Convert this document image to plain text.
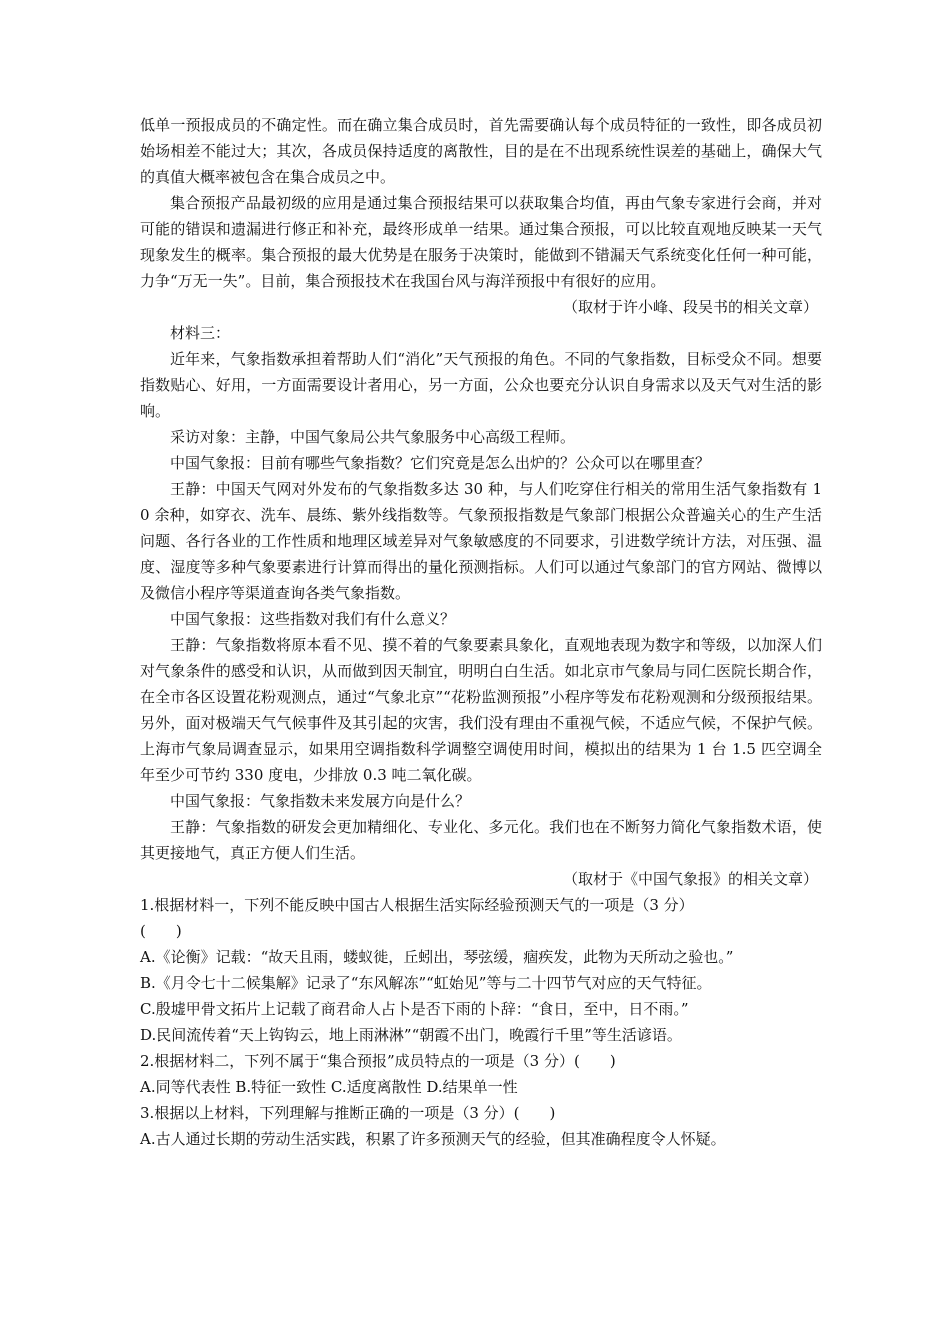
低单一预报成员的不确定性。而在确立集合成员时，首先需要确认每个成员特征的一致性，即各成员初始场相差不能过大；其次，各成员保持适度的离散性，目的是在不出现系统性误差的基础上，确保大气的真值大概率被包含在集合成员之中。

集合预报产品最初级的应用是通过集合预报结果可以获取集合均值，再由气象专家进行会商，并对可能的错误和遗漏进行修正和补充，最终形成单一结果。通过集合预报，可以比较直观地反映某一天气现象发生的概率。集合预报的最大优势是在服务于决策时，能做到不错漏天气系统变化任何一种可能，力争“万无一失”。目前，集合预报技术在我国台风与海洋预报中有很好的应用。

（取材于许小峰、段吴书的相关文章）

材料三：

近年来，气象指数承担着帮助人们“消化”天气预报的角色。不同的气象指数，目标受众不同。想要指数贴心、好用，一方面需要设计者用心，另一方面，公众也要充分认识自身需求以及天气对生活的影响。

采访对象：主静，中国气象局公共气象服务中心高级工程师。

中国气象报：目前有哪些气象指数？它们究竟是怎么出炉的？公众可以在哪里查？

王静：中国天气网对外发布的气象指数多达 30 种，与人们吃穿住行相关的常用生活气象指数有 10 余种，如穿衣、洗车、晨练、紫外线指数等。气象预报指数是气象部门根据公众普遍关心的生产生活问题、各行各业的工作性质和地理区域差异对气象敏感度的不同要求，引进数学统计方法，对压强、温度、湿度等多种气象要素进行计算而得出的量化预测指标。人们可以通过气象部门的官方网站、微博以及微信小程序等渠道查询各类气象指数。

中国气象报：这些指数对我们有什么意义？

王静：气象指数将原本看不见、摸不着的气象要素具象化，直观地表现为数字和等级，以加深人们对气象条件的感受和认识，从而做到因天制宜，明明白白生活。如北京市气象局与同仁医院长期合作，在全市各区设置花粉观测点，通过“气象北京”“花粉监测预报”小程序等发布花粉观测和分级预报结果。另外，面对极端天气气候事件及其引起的灾害，我们没有理由不重视气候，不适应气候，不保护气候。上海市气象局调查显示，如果用空调指数科学调整空调使用时间，模拟出的结果为 1 台 1.5 匹空调全年至少可节约 330 度电，少排放 0.3 吨二氧化碳。

中国气象报：气象指数未来发展方向是什么？

王静：气象指数的研发会更加精细化、专业化、多元化。我们也在不断努力简化气象指数术语，使其更接地气，真正方便人们生活。

（取材于《中国气象报》的相关文章）

1.根据材料一，下列不能反映中国古人根据生活实际经验预测天气的一项是（3 分）

(　　)

A.《论衡》记载：“故天且雨，蝼蚁徙，丘蚓出，琴弦缓，痼疾发，此物为天所动之验也。”

B.《月令七十二候集解》记录了“东风解冻”“虹始见”等与二十四节气对应的天气特征。

C.殷墟甲骨文拓片上记载了商君命人占卜是否下雨的卜辞：“食日，至中，日不雨。”

D.民间流传着“天上钩钩云，地上雨淋淋”“朝霞不出门，晚霞行千里”等生活谚语。

2.根据材料二，下列不属于“集合预报”成员特点的一项是（3 分）(　　)

A.同等代表性 B.特征一致性 C.适度离散性 D.结果单一性

3.根据以上材料，下列理解与推断正确的一项是（3 分）(　　)

A.古人通过长期的劳动生活实践，积累了许多预测天气的经验，但其准确程度令人怀疑。
